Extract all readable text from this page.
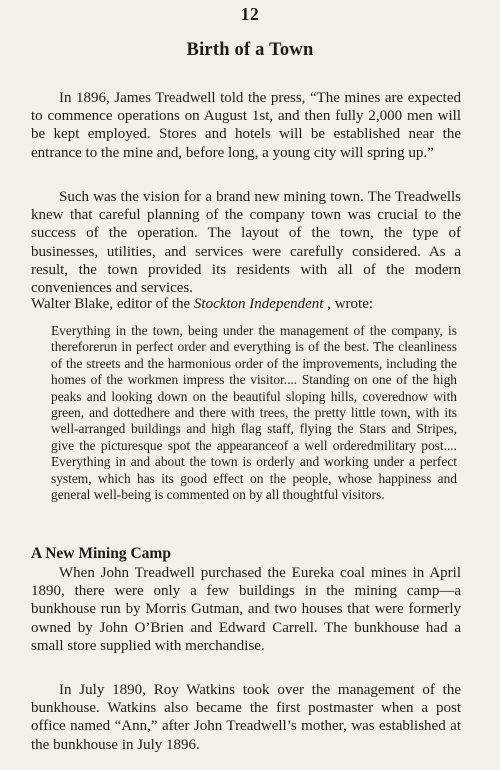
12
Birth of a Town

In 1896, James Treadwell told the press, “The mines are expected to commence operations on August 1st, and then fully 2,000 men will be kept employed. Stores and hotels will be established near the entrance to the mine and, before long, a young city will spring up.”

Such was the vision for a brand new mining town. The Treadwells knew that careful planning of the company town was crucial to the success of the operation. The layout of the town, the type of businesses, utilities, and services were carefully considered. As a result, the town provided its residents with all of the modern conveniences and services.

Walter Blake, editor of the Stockton Independent , wrote:

Everything in the town, being under the management of the company, is thereforerun in perfect order and everything is of the best. The cleanliness of the streets and the harmonious order of the improvements, including the homes of the workmen impress the visitor.... Standing on one of the high peaks and looking down on the beautiful sloping hills, coverednow with green, and dottedhere and there with trees, the pretty little town, with its well-arranged buildings and high flag staff, flying the Stars and Stripes, give the picturesque spot the appearanceof a well orderedmilitary post.... Everything in and about the town is orderly and working under a perfect system, which has its good effect on the people, whose happiness and general well-being is commented on by all thoughtful visitors.

A New Mining Camp

When John Treadwell purchased the Eureka coal mines in April 1890, there were only a few buildings in the mining camp—a bunkhouse run by Morris Gutman, and two houses that were formerly owned by John O’Brien and Edward Carrell. The bunkhouse had a small store supplied with merchandise.

In July 1890, Roy Watkins took over the management of the bunkhouse. Watkins also became the first postmaster when a post office named “Ann,” after John Treadwell’s mother, was established at the bunkhouse in July 1896.
